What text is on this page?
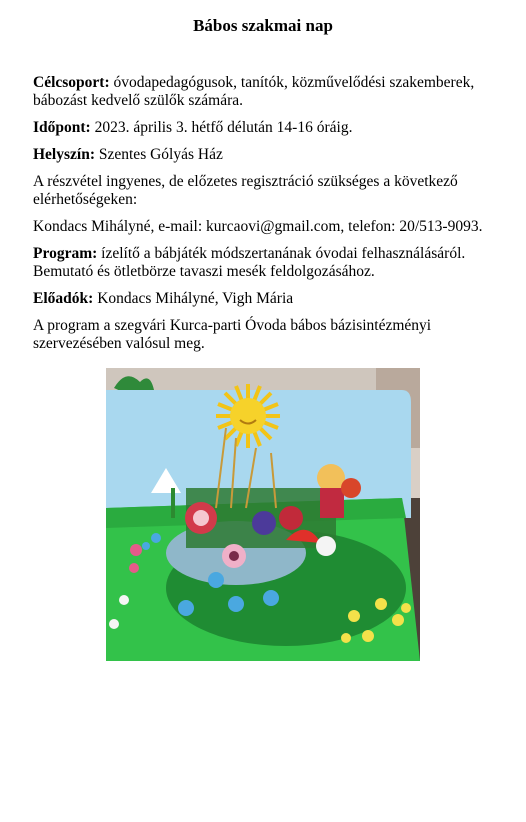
Bábos szakmai nap

Célcsoport: óvodapedagógusok, tanítók, közművelődési szakemberek, bábozást kedvelő szülők számára.

Időpont: 2023. április 3. hétfő délután 14-16 óráig.

Helyszín: Szentes Gólyás Ház

A részvétel ingyenes, de előzetes regisztráció szükséges a következő elérhetőségeken:

Kondacs Mihályné, e-mail: kurcaovi@gmail.com, telefon: 20/513-9093.

Program: ízelítő a bábjáték módszertanának óvodai felhasználásáról. Bemutató és ötletbörze tavaszi mesék feldolgozásához.

Előadók: Kondacs Mihályné, Vigh Mária

A program a szegvári Kurca-parti Óvoda bábos bázisintézményi szervezésében valósul meg.
